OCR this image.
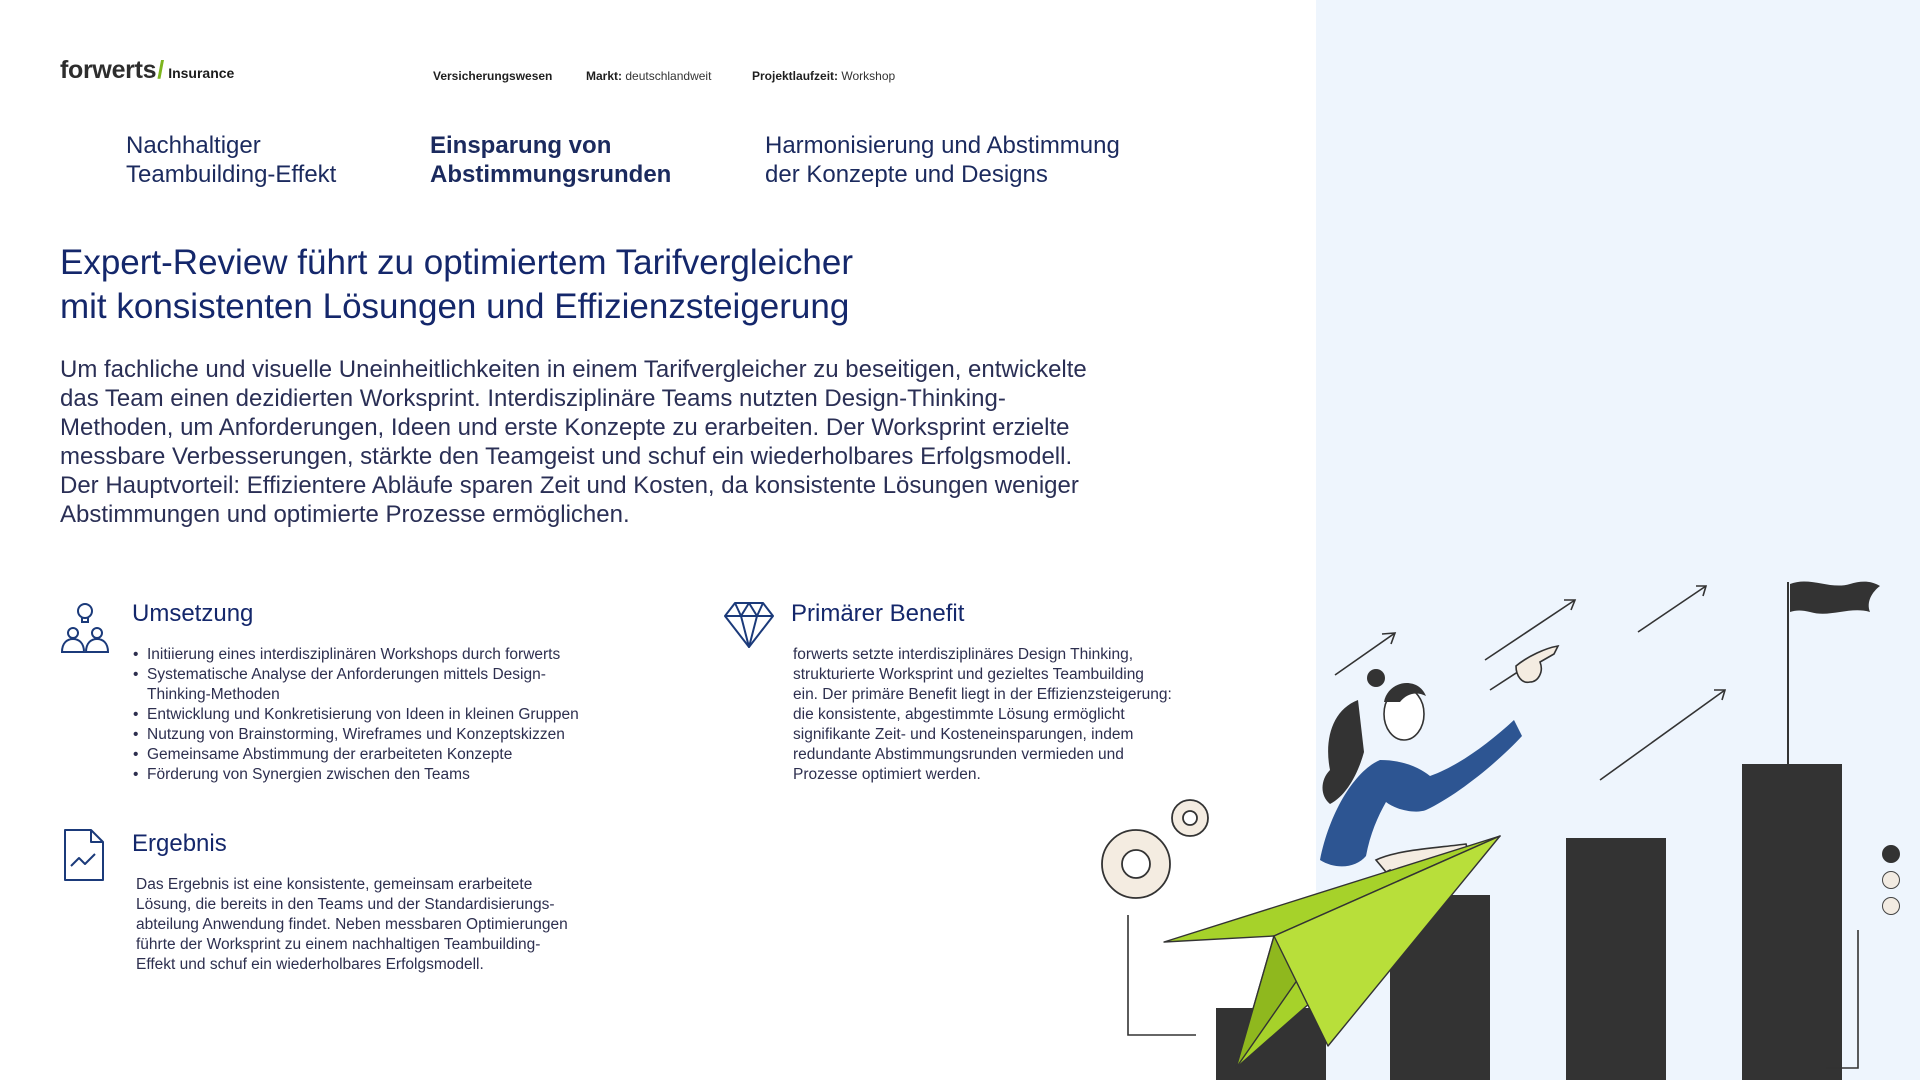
forwerts / Insurance	Versicherungswesen	Markt: deutschlandweit	Projektlaufzeit: Workshop
Nachhaltiger
Teambuilding-Effekt
Einsparung von
Abstimmungsrunden
Harmonisierung und Abstimmung
der Konzepte und Designs
Expert-Review führt zu optimiertem Tarifvergleicher
mit konsistenten Lösungen und Effizienzsteigerung
Um fachliche und visuelle Uneinheitlichkeiten in einem Tarifvergleicher zu beseitigen, entwickelte
das Team einen dezidierten Worksprint. Interdisziplinäre Teams nutzten Design-Thinking-
Methoden, um Anforderungen, Ideen und erste Konzepte zu erarbeiten. Der Worksprint erzielte
messbare Verbesserungen, stärkte den Teamgeist und schuf ein wiederholbares Erfolgsmodell.
Der Hauptvorteil: Effizientere Abläufe sparen Zeit und Kosten, da konsistente Lösungen weniger
Abstimmungen und optimierte Prozesse ermöglichen.
Umsetzung
• Initiierung eines interdisziplinären Workshops durch forwerts
• Systematische Analyse der Anforderungen mittels Design-
Thinking-Methoden
• Entwicklung und Konkretisierung von Ideen in kleinen Gruppen
• Nutzung von Brainstorming, Wireframes und Konzeptskizzen
• Gemeinsame Abstimmung der erarbeiteten Konzepte
• Förderung von Synergien zwischen den Teams
Primärer Benefit
forwerts setzte interdisziplinäres Design Thinking,
strukturierte Worksprint und gezieltes Teambuilding
ein. Der primäre Benefit liegt in der Effizienzsteigerung:
die konsistente, abgestimmte Lösung ermöglicht
signifikante Zeit- und Kosteneinsparungen, indem
redundante Abstimmungsrunden vermieden und
Prozesse optimiert werden.
Ergebnis
Das Ergebnis ist eine konsistente, gemeinsam erarbeitete
Lösung, die bereits in den Teams und der Standardisierungs-
abteilung Anwendung findet. Neben messbaren Optimierungen
führte der Worksprint zu einem nachhaltigen Teambuilding-
Effekt und schuf ein wiederholbares Erfolgsmodell.
